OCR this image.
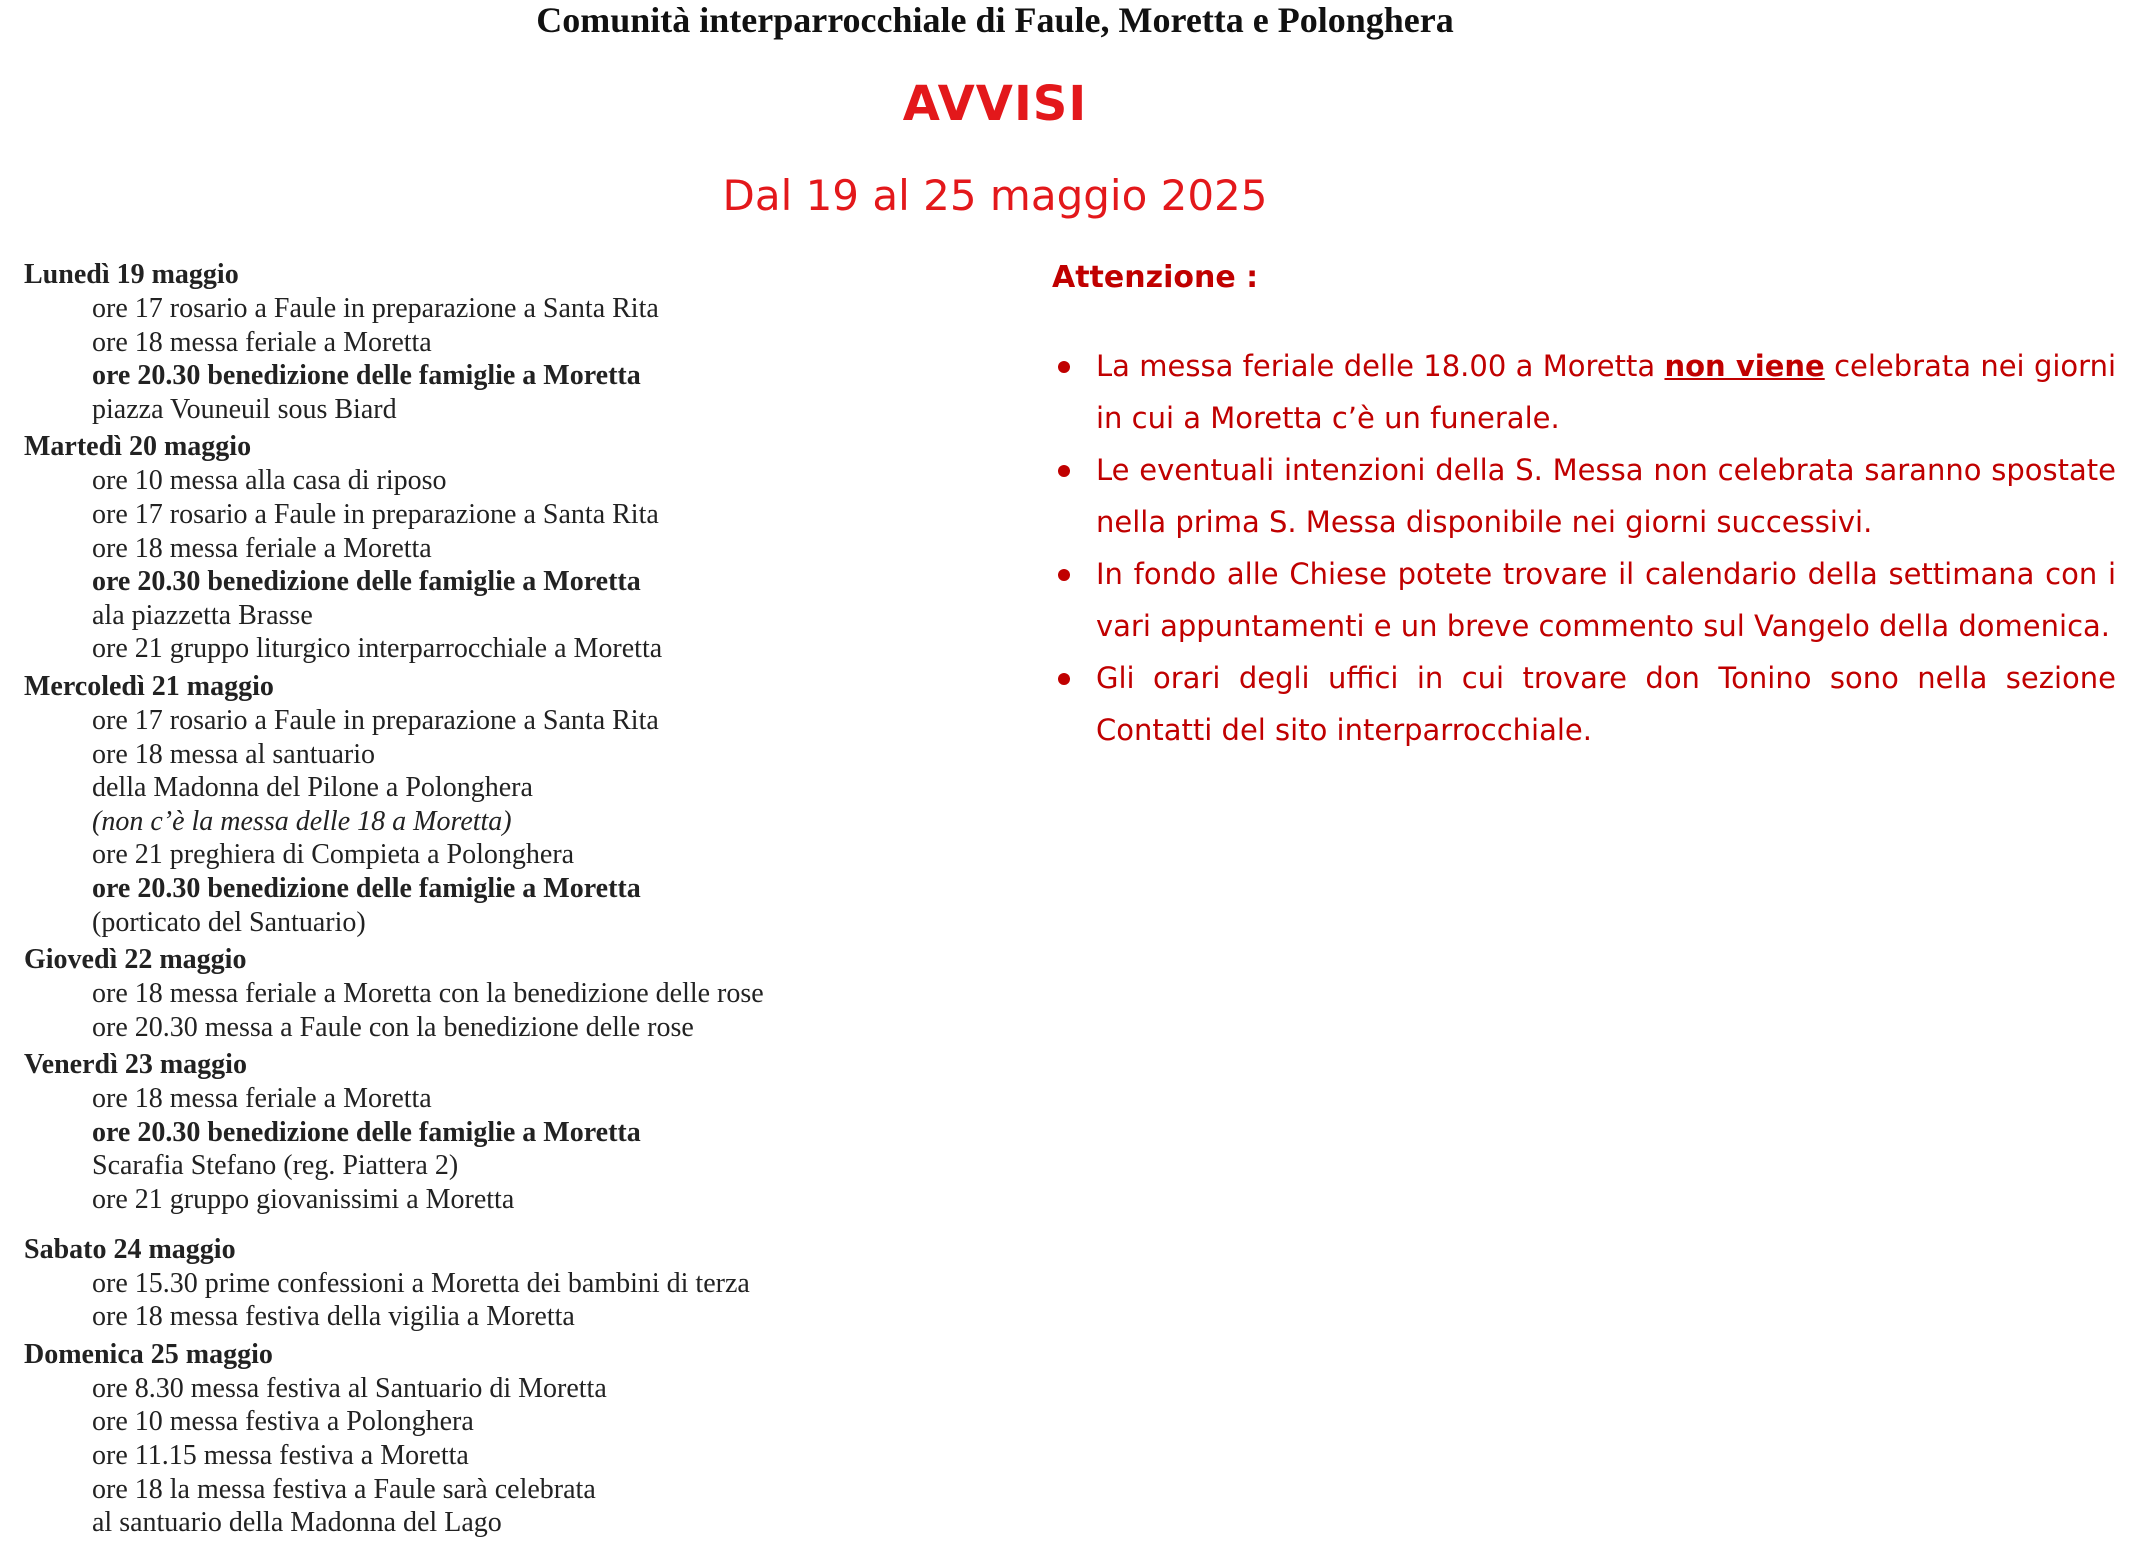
Comunità interparrocchiale di Faule, Moretta e Polonghera
AVVISI
Dal 19 al 25 maggio 2025

Lunedì 19 maggio

ore 17 rosario a Faule in preparazione a Santa Rita
ore 18 messa feriale a Moretta
ore 20.30 benedizione delle famiglie a Moretta
piazza Vouneuil sous Biard

Martedì 20 maggio

ore 10 messa alla casa di riposo
ore 17 rosario a Faule in preparazione a Santa Rita
ore 18 messa feriale a Moretta
ore 20.30 benedizione delle famiglie a Moretta
ala piazzetta Brasse
ore 21 gruppo liturgico interparrocchiale a Moretta

Mercoledì 21 maggio

ore 17 rosario a Faule in preparazione a Santa Rita
ore 18 messa al santuario
della Madonna del Pilone a Polonghera
(non c’è la messa delle 18 a Moretta)
ore 21 preghiera di Compieta a Polonghera
ore 20.30 benedizione delle famiglie a Moretta
(porticato del Santuario)

Giovedì 22 maggio

ore 18 messa feriale a Moretta con la benedizione delle rose
ore 20.30 messa a Faule con la benedizione delle rose

Venerdì 23 maggio

ore 18 messa feriale a Moretta
ore 20.30 benedizione delle famiglie a Moretta
Scarafia Stefano (reg. Piattera 2)
ore 21 gruppo giovanissimi a Moretta

Sabato 24 maggio

ore 15.30 prime confessioni a Moretta dei bambini di terza
ore 18 messa festiva della vigilia a Moretta

Domenica 25 maggio

ore 8.30 messa festiva al Santuario di Moretta
ore 10 messa festiva a Polonghera
ore 11.15 messa festiva a Moretta
ore 18 la messa festiva a Faule sarà celebrata
al santuario della Madonna del Lago

Attenzione :

La messa feriale delle 18.00 a Moretta non viene celebrata nei giorni in cui a Moretta c’è un funerale.
Le eventuali intenzioni della S. Messa non celebrata saranno spostate nella prima S. Messa disponibile nei giorni successivi.
In fondo alle Chiese potete trovare il calendario della settimana con i vari appuntamenti e un breve commento sul Vangelo della domenica.
Gli orari degli uffici in cui trovare don Tonino sono nella sezione Contatti del sito interparrocchiale.
